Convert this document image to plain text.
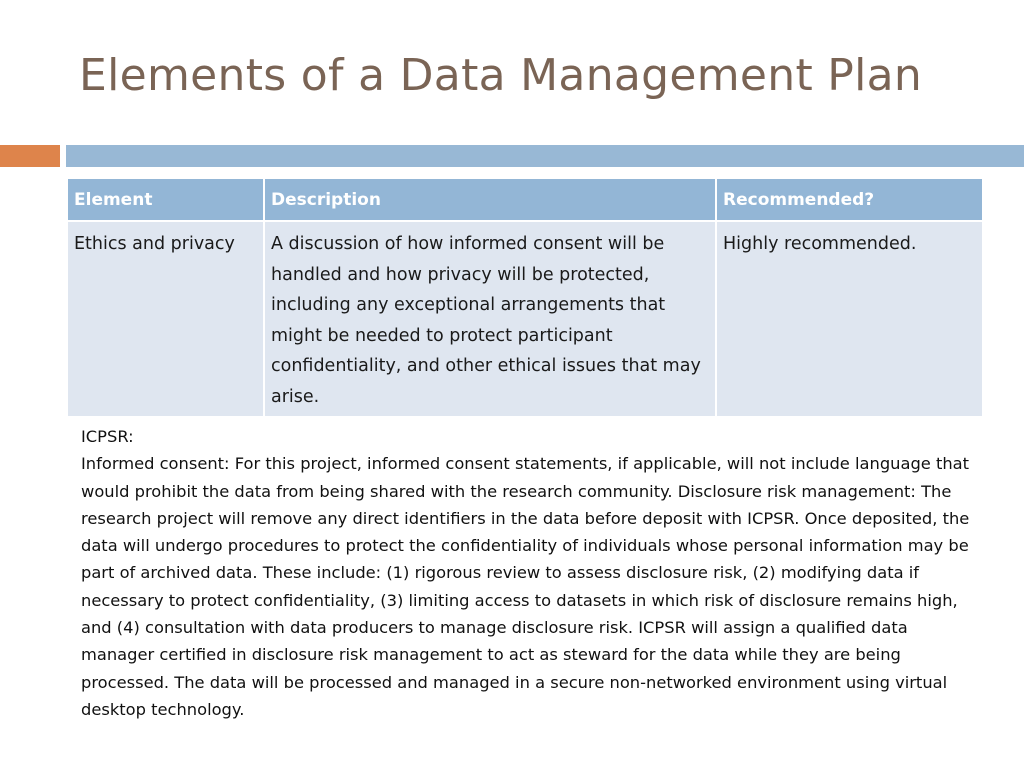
Elements of a Data Management Plan
Element	Description	Recommended?
Ethics and privacy	A discussion of how informed consent will be handled and how privacy will be protected, including any exceptional arrangements that might be needed to protect participant confidentiality, and other ethical issues that may arise.	Highly recommended.

ICPSR:

Informed consent: For this project, informed consent statements, if applicable, will not include language that would prohibit the data from being shared with the research community. Disclosure risk management: The research project will remove any direct identifiers in the data before deposit with ICPSR. Once deposited, the data will undergo procedures to protect the confidentiality of individuals whose personal information may be part of archived data. These include: (1) rigorous review to assess disclosure risk, (2) modifying data if necessary to protect confidentiality, (3) limiting access to datasets in which risk of disclosure remains high, and (4) consultation with data producers to manage disclosure risk. ICPSR will assign a qualified data manager certified in disclosure risk management to act as steward for the data while they are being processed. The data will be processed and managed in a secure non-networked environment using virtual desktop technology.
